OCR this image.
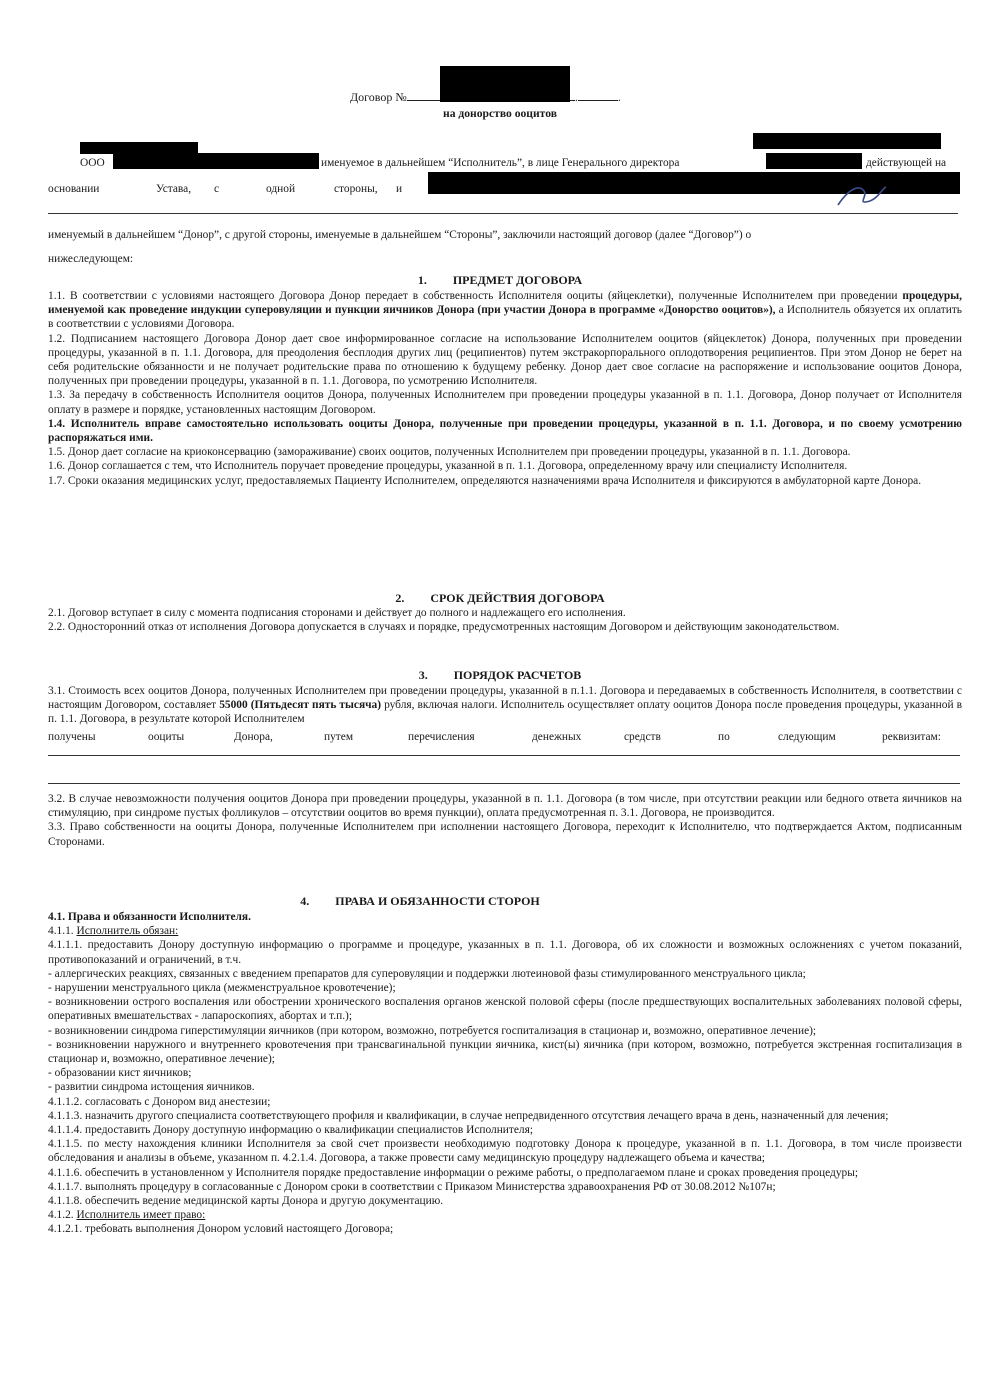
Договор №	.	.
на донорство ооцитов
ООО	именуемое в дальнейшем “Исполнитель”, в лице Генерального директора	действующей на
основании	Устава, с	одной	стороны, и
именуемый в дальнейшем “Донор”, с другой стороны, именуемые в дальнейшем “Стороны”, заключили настоящий договор (далее “Договор”) о
нижеследующем:
1. ПРЕДМЕТ ДОГОВОРА

1.1. В соответствии с условиями настоящего Договора Донор передает в собственность Исполнителя ооциты (яйцеклетки), полученные Исполнителем при проведении процедуры, именуемой как проведение индукции суперовуляции и пункции яичников Донора (при участии Донора в программе «Донорство ооцитов»), а Исполнитель обязуется их оплатить в соответствии с условиями Договора.

1.2. Подписанием настоящего Договора Донор дает свое информированное согласие на использование Исполнителем ооцитов (яйцеклеток) Донора, полученных при проведении процедуры, указанной в п. 1.1. Договора, для преодоления бесплодия других лиц (реципиентов) путем экстракорпорального оплодотворения реципиентов. При этом Донор не берет на себя родительские обязанности и не получает родительские права по отношению к будущему ребенку. Донор дает свое согласие на распоряжение и использование ооцитов Донора, полученных при проведении процедуры, указанной в п. 1.1. Договора, по усмотрению Исполнителя.

1.3. За передачу в собственность Исполнителя ооцитов Донора, полученных Исполнителем при проведении процедуры указанной в п. 1.1. Договора, Донор получает от Исполнителя оплату в размере и порядке, установленных настоящим Договором.

1.4. Исполнитель вправе самостоятельно использовать ооциты Донора, полученные при проведении процедуры, указанной в п. 1.1. Договора, и по своему усмотрению распоряжаться ими.

1.5. Донор дает согласие на криоконсервацию (замораживание) своих ооцитов, полученных Исполнителем при проведении процедуры, указанной в п. 1.1. Договора.

1.6. Донор соглашается с тем, что Исполнитель поручает проведение процедуры, указанной в п. 1.1. Договора, определенному врачу или специалисту Исполнителя.

1.7. Сроки оказания медицинских услуг, предоставляемых Пациенту Исполнителем, определяются назначениями врача Исполнителя и фиксируются в амбулаторной карте Донора.

2. СРОК ДЕЙСТВИЯ ДОГОВОРА

2.1. Договор вступает в силу с момента подписания сторонами и действует до полного и надлежащего его исполнения.

2.2. Односторонний отказ от исполнения Договора допускается в случаях и порядке, предусмотренных настоящим Договором и действующим законодательством.

3. ПОРЯДОК РАСЧЕТОВ

3.1. Стоимость всех ооцитов Донора, полученных Исполнителем при проведении процедуры, указанной в п.1.1. Договора и передаваемых в собственность Исполнителя, в соответствии с настоящим Договором, составляет 55000 (Пятьдесят пять тысяча) рубля, включая налоги. Исполнитель осуществляет оплату ооцитов Донора после проведения процедуры, указанной в п. 1.1. Договора, в результате которой Исполнителем

получены	ооциты	Донора,	путем	перечисления	денежных	средств	по	следующим	реквизитам:

3.2. В случае невозможности получения ооцитов Донора при проведении процедуры, указанной в п. 1.1. Договора (в том числе, при отсутствии реакции или бедного ответа яичников на стимуляцию, при синдроме пустых фолликулов – отсутствии ооцитов во время пункции), оплата предусмотренная п. 3.1. Договора, не производится.

3.3. Право собственности на ооциты Донора, полученные Исполнителем при исполнении настоящего Договора, переходит к Исполнителю, что подтверждается Актом, подписанным Сторонами.

4. ПРАВА И ОБЯЗАННОСТИ СТОРОН

4.1. Права и обязанности Исполнителя.

4.1.1. Исполнитель обязан:

4.1.1.1. предоставить Донору доступную информацию о программе и процедуре, указанных в п. 1.1. Договора, об их сложности и возможных осложнениях с учетом показаний, противопоказаний и ограничений, в т.ч.

- аллергических реакциях, связанных с введением препаратов для суперовуляции и поддержки лютеиновой фазы стимулированного менструального цикла;

- нарушении менструального цикла (межменструальное кровотечение);

- возникновении острого воспаления или обострении хронического воспаления органов женской половой сферы (после предшествующих воспалительных заболеваниях половой сферы, оперативных вмешательствах - лапароскопиях, абортах и т.п.);

- возникновении синдрома гиперстимуляции яичников (при котором, возможно, потребуется госпитализация в стационар и, возможно, оперативное лечение);

- возникновении наружного и внутреннего кровотечения при трансвагинальной пункции яичника, кист(ы) яичника (при котором, возможно, потребуется экстренная госпитализация в стационар и, возможно, оперативное лечение);

- образовании кист яичников;

- развитии синдрома истощения яичников.

4.1.1.2. согласовать с Донором вид анестезии;

4.1.1.3. назначить другого специалиста соответствующего профиля и квалификации, в случае непредвиденного отсутствия лечащего врача в день, назначенный для лечения;

4.1.1.4. предоставить Донору доступную информацию о квалификации специалистов Исполнителя;

4.1.1.5. по месту нахождения клиники Исполнителя за свой счет произвести необходимую подготовку Донора к процедуре, указанной в п. 1.1. Договора, в том числе произвести обследования и анализы в объеме, указанном п. 4.2.1.4. Договора, а также провести саму медицинскую процедуру надлежащего объема и качества;

4.1.1.6. обеспечить в установленном у Исполнителя порядке предоставление информации о режиме работы, о предполагаемом плане и сроках проведения процедуры;

4.1.1.7. выполнять процедуру в согласованные с Донором сроки в соответствии с Приказом Министерства здравоохранения РФ от 30.08.2012 №107н;

4.1.1.8. обеспечить ведение медицинской карты Донора и другую документацию.

4.1.2. Исполнитель имеет право:

4.1.2.1. требовать выполнения Донором условий настоящего Договора;
